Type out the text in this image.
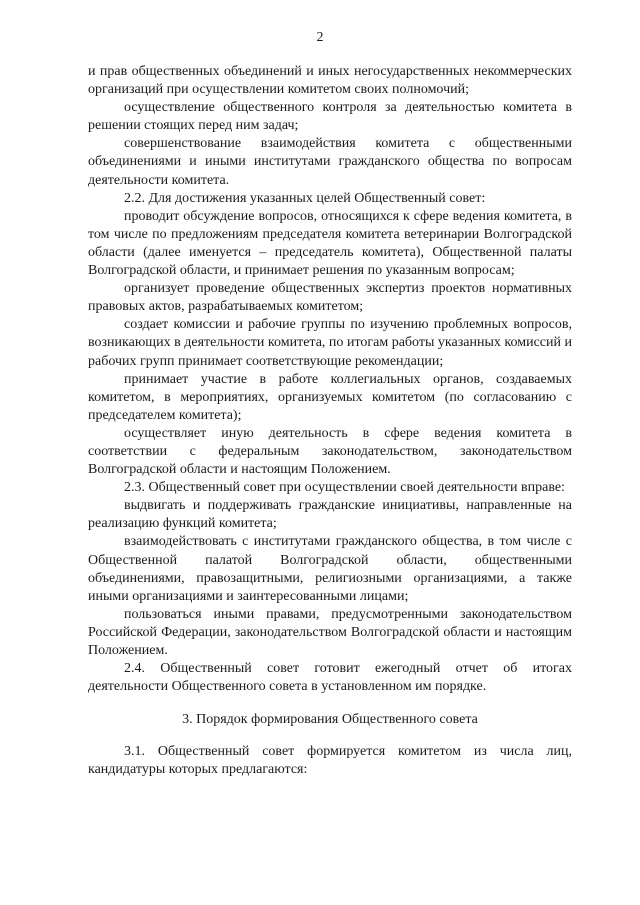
2

и прав общественных объединений и иных негосударственных некоммерческих организаций при осуществлении комитетом своих полномочий;

осуществление общественного контроля за деятельностью комитета в решении стоящих перед ним задач;

совершенствование взаимодействия комитета с общественными объединениями и иными институтами гражданского общества по вопросам деятельности комитета.

2.2. Для достижения указанных целей Общественный совет:

проводит обсуждение вопросов, относящихся к сфере ведения комитета, в том числе по предложениям председателя комитета ветеринарии Волгоградской области (далее именуется – председатель комитета), Общественной палаты Волгоградской области, и принимает решения по указанным вопросам;

организует проведение общественных экспертиз проектов нормативных правовых актов, разрабатываемых комитетом;

создает комиссии и рабочие группы по изучению проблемных вопросов, возникающих в деятельности комитета, по итогам работы указанных комиссий и рабочих групп принимает соответствующие рекомендации;

принимает участие в работе коллегиальных органов, создаваемых комитетом, в мероприятиях, организуемых комитетом (по согласованию с председателем комитета);

осуществляет иную деятельность в сфере ведения комитета в соответствии с федеральным законодательством, законодательством Волгоградской области и настоящим Положением.

2.3. Общественный совет при осуществлении своей деятельности вправе:

выдвигать и поддерживать гражданские инициативы, направленные на реализацию функций комитета;

взаимодействовать с институтами гражданского общества, в том числе с Общественной палатой Волгоградской области, общественными объединениями, правозащитными, религиозными организациями, а также иными организациями и заинтересованными лицами;

пользоваться иными правами, предусмотренными законодательством Российской Федерации, законодательством Волгоградской области и настоящим Положением.

2.4. Общественный совет готовит ежегодный отчет об итогах деятельности Общественного совета в установленном им порядке.

3. Порядок формирования Общественного совета

3.1. Общественный совет формируется комитетом из числа лиц, кандидатуры которых предлагаются:
